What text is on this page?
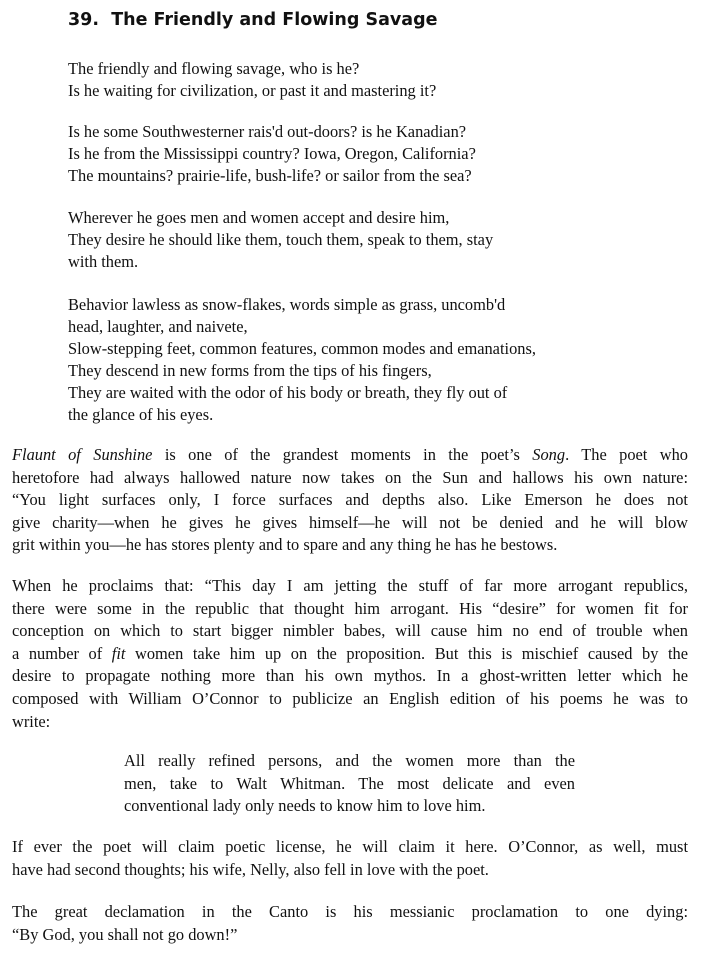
39. The Friendly and Flowing Savage
The friendly and flowing savage, who is he?
Is he waiting for civilization, or past it and mastering it?
Is he some Southwesterner rais'd out-doors? is he Kanadian?
Is he from the Mississippi country? Iowa, Oregon, California?
The mountains? prairie-life, bush-life? or sailor from the sea?
Wherever he goes men and women accept and desire him,
They desire he should like them, touch them, speak to them, stay
with them.
Behavior lawless as snow-flakes, words simple as grass, uncomb'd
head, laughter, and naivete,
Slow-stepping feet, common features, common modes and emanations,
They descend in new forms from the tips of his fingers,
They are waited with the odor of his body or breath, they fly out of
the glance of his eyes.
Flaunt of Sunshine is one of the grandest moments in the poet’s Song. The poet who
heretofore had always hallowed nature now takes on the Sun and hallows his own nature:
“You light surfaces only, I force surfaces and depths also. Like Emerson he does not
give charity—when he gives he gives himself—he will not be denied and he will blow
grit within you—he has stores plenty and to spare and any thing he has he bestows.
When he proclaims that: “This day I am jetting the stuff of far more arrogant republics,
there were some in the republic that thought him arrogant. His “desire” for women fit for
conception on which to start bigger nimbler babes, will cause him no end of trouble when
a number of fit women take him up on the proposition. But this is mischief caused by the
desire to propagate nothing more than his own mythos. In a ghost-written letter which he
composed with William O’Connor to publicize an English edition of his poems he was to
write:
All really refined persons, and the women more than the
men, take to Walt Whitman. The most delicate and even
conventional lady only needs to know him to love him.
If ever the poet will claim poetic license, he will claim it here. O’Connor, as well, must
have had second thoughts; his wife, Nelly, also fell in love with the poet.
The great declamation in the Canto is his messianic proclamation to one dying:
“By God, you shall not go down!”
